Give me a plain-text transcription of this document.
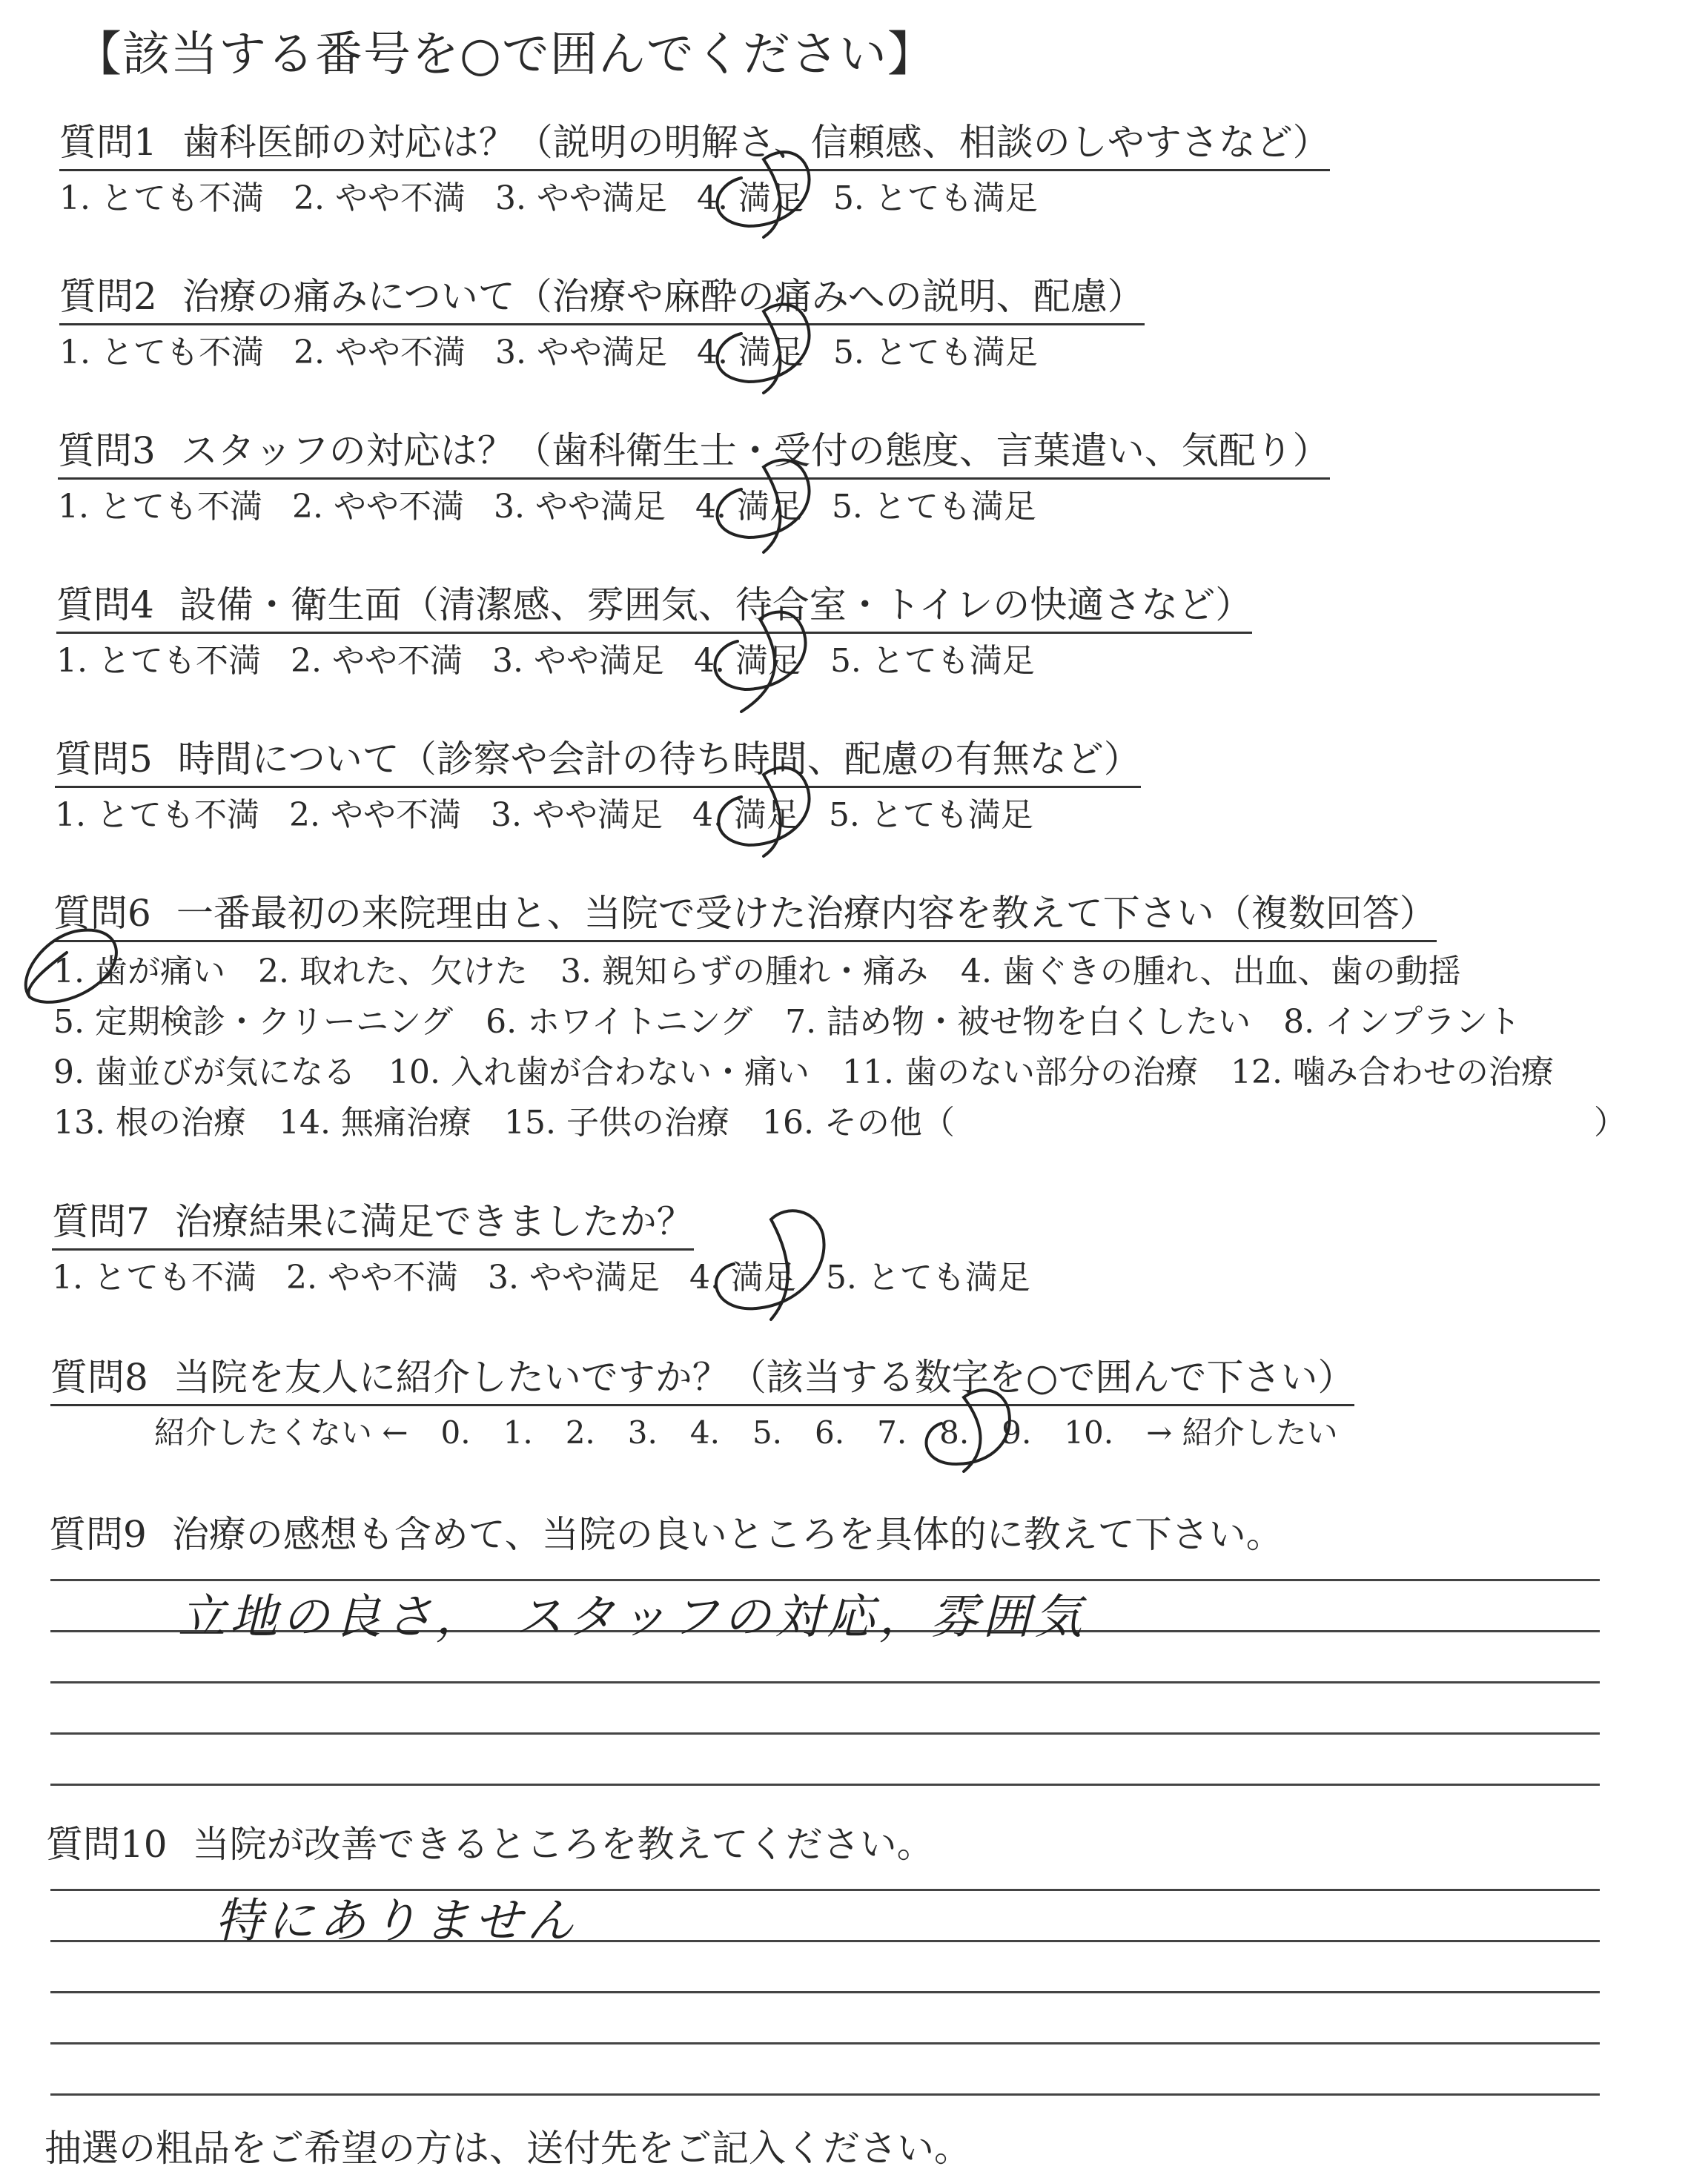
【該当する番号を○で囲んでください】
質問1 歯科医師の対応は？（説明の明解さ、信頼感、相談のしやすさなど）
1. とても不満 2. やや不満 3. やや満足 4. 満足 5. とても満足
質問2 治療の痛みについて（治療や麻酔の痛みへの説明、配慮）
1. とても不満 2. やや不満 3. やや満足 4. 満足 5. とても満足
質問3 スタッフの対応は？（歯科衛生士・受付の態度、言葉遣い、気配り）
1. とても不満 2. やや不満 3. やや満足 4. 満足 5. とても満足
質問4 設備・衛生面（清潔感、雰囲気、待合室・トイレの快適さなど）
1. とても不満 2. やや不満 3. やや満足 4. 満足 5. とても満足
質問5 時間について（診察や会計の待ち時間、配慮の有無など）
1. とても不満 2. やや不満 3. やや満足 4. 満足 5. とても満足
質問6 一番最初の来院理由と、当院で受けた治療内容を教えて下さい（複数回答）
1. 歯が痛い 2. 取れた、欠けた 3. 親知らずの腫れ・痛み 4. 歯ぐきの腫れ、出血、歯の動揺
5. 定期検診・クリーニング 6. ホワイトニング 7. 詰め物・被せ物を白くしたい 8. インプラント
9. 歯並びが気になる 10. 入れ歯が合わない・痛い 11. 歯のない部分の治療 12. 噛み合わせの治療
13. 根の治療 14. 無痛治療 15. 子供の治療 16. その他（	）
質問7 治療結果に満足できましたか？
1. とても不満 2. やや不満 3. やや満足 4. 満足 5. とても満足
質問8 当院を友人に紹介したいですか？（該当する数字を○で囲んで下さい）
紹介したくない ← 0. 1. 2. 3. 4. 5. 6. 7. 8. 9. 10. → 紹介したい
質問9 治療の感想も含めて、当院の良いところを具体的に教えて下さい。
立地の良さ，　スタッフの対応，雰囲気
質問10 当院が改善できるところを教えてください。
特にありません
抽選の粗品をご希望の方は、送付先をご記入ください。
